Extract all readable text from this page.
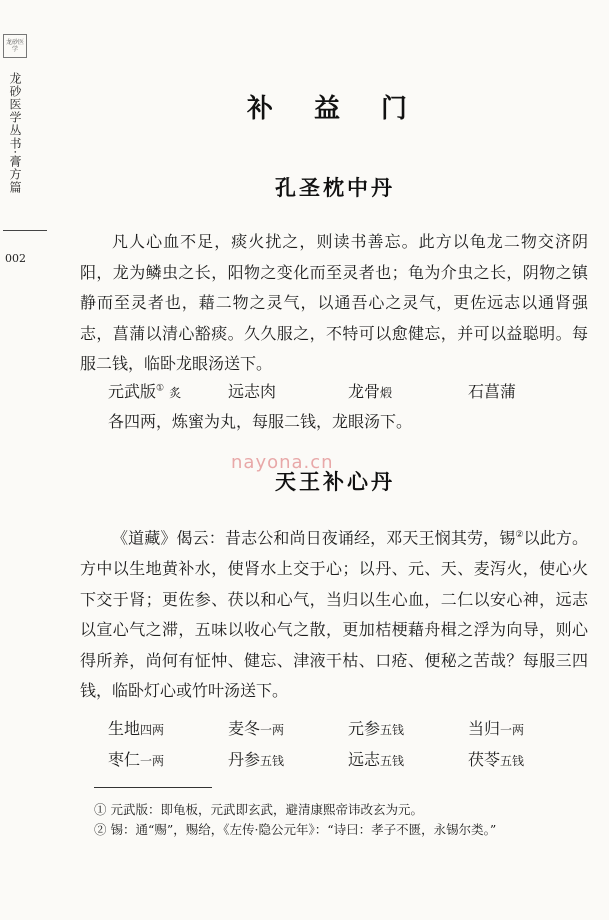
龙砂医学
龙砂医学丛书·膏方篇
002
补 益 门
孔圣枕中丹
凡人心血不足，痰火扰之，则读书善忘。此方以龟龙二物交济阴阳，龙为鳞虫之长，阳物之变化而至灵者也；龟为介虫之长，阴物之镇静而至灵者也，藉二物之灵气，以通吾心之灵气，更佐远志以通肾强志，菖蒲以清心豁痰。久久服之，不特可以愈健忘，并可以益聪明。每服二钱，临卧龙眼汤送下。
元武版① 炙	远志肉	龙骨煅	石菖蒲
各四两，炼蜜为丸，每服二钱，龙眼汤下。
nayona.cn
天王补心丹
《道藏》偈云：昔志公和尚日夜诵经，邓天王悯其劳，锡②以此方。方中以生地黄补水，使肾水上交于心；以丹、元、天、麦泻火，使心火下交于肾；更佐参、茯以和心气，当归以生心血，二仁以安心神，远志以宣心气之滞，五味以收心气之散，更加桔梗藉舟楫之浮为向导，则心得所养，尚何有怔忡、健忘、津液干枯、口疮、便秘之苦哉？每服三四钱，临卧灯心或竹叶汤送下。
生地四两	麦冬一两	元参五钱	当归一两
枣仁一两	丹参五钱	远志五钱	茯苓五钱
① 元武版：即龟板，元武即玄武，避清康熙帝讳改玄为元。
② 锡：通“赐”，赐给，《左传·隐公元年》：“诗曰：孝子不匮，永锡尔类。”
